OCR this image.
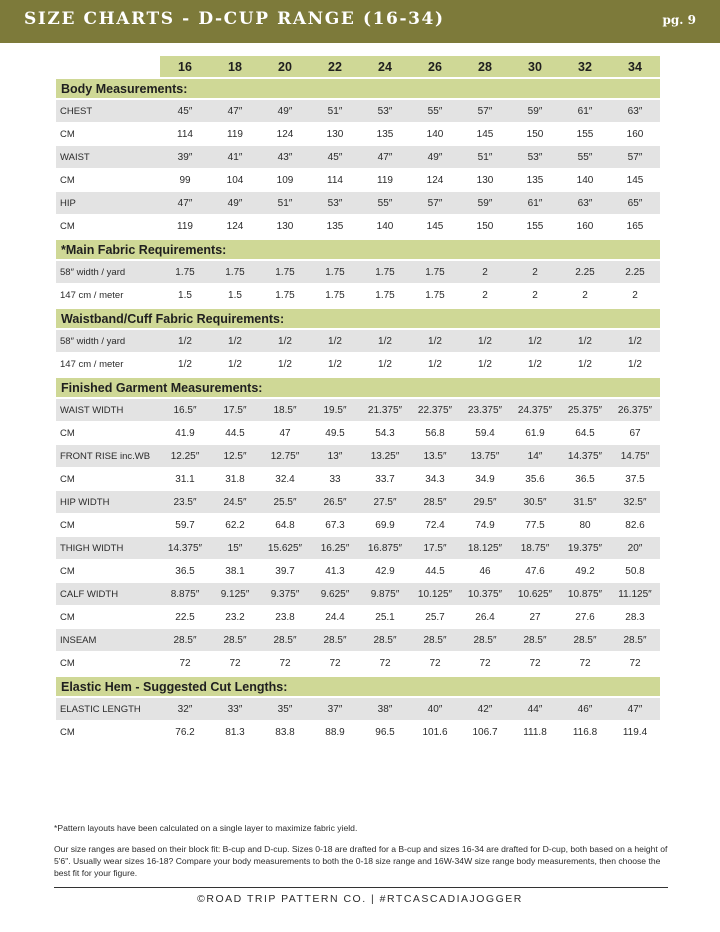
SIZE CHARTS - D-CUP RANGE (16-34)	pg. 9
	16	18	20	22	24	26	28	30	32	34
Body Measurements:										
CHEST	45″	47″	49″	51″	53″	55″	57″	59″	61″	63″
CM	114	119	124	130	135	140	145	150	155	160
WAIST	39″	41″	43″	45″	47″	49″	51″	53″	55″	57″
CM	99	104	109	114	119	124	130	135	140	145
HIP	47″	49″	51″	53″	55″	57″	59″	61″	63″	65″
CM	119	124	130	135	140	145	150	155	160	165
*Main Fabric Requirements:										
58″ width / yard	1.75	1.75	1.75	1.75	1.75	1.75	2	2	2.25	2.25
147 cm / meter	1.5	1.5	1.75	1.75	1.75	1.75	2	2	2	2
Waistband/Cuff Fabric Requirements:										
58″ width / yard	1/2	1/2	1/2	1/2	1/2	1/2	1/2	1/2	1/2	1/2
147 cm / meter	1/2	1/2	1/2	1/2	1/2	1/2	1/2	1/2	1/2	1/2
Finished Garment Measurements:										
WAIST WIDTH	16.5″	17.5″	18.5″	19.5″	21.375″	22.375″	23.375″	24.375″	25.375″	26.375″
CM	41.9	44.5	47	49.5	54.3	56.8	59.4	61.9	64.5	67
FRONT RISE inc.WB	12.25″	12.5″	12.75″	13″	13.25″	13.5″	13.75″	14″	14.375″	14.75″
CM	31.1	31.8	32.4	33	33.7	34.3	34.9	35.6	36.5	37.5
HIP WIDTH	23.5″	24.5″	25.5″	26.5″	27.5″	28.5″	29.5″	30.5″	31.5″	32.5″
CM	59.7	62.2	64.8	67.3	69.9	72.4	74.9	77.5	80	82.6
THIGH WIDTH	14.375″	15″	15.625″	16.25″	16.875″	17.5″	18.125″	18.75″	19.375″	20″
CM	36.5	38.1	39.7	41.3	42.9	44.5	46	47.6	49.2	50.8
CALF WIDTH	8.875″	9.125″	9.375″	9.625″	9.875″	10.125″	10.375″	10.625″	10.875″	11.125″
CM	22.5	23.2	23.8	24.4	25.1	25.7	26.4	27	27.6	28.3
INSEAM	28.5″	28.5″	28.5″	28.5″	28.5″	28.5″	28.5″	28.5″	28.5″	28.5″
CM	72	72	72	72	72	72	72	72	72	72
Elastic Hem - Suggested Cut Lengths:										
ELASTIC LENGTH	32″	33″	35″	37″	38″	40″	42″	44″	46″	47″
CM	76.2	81.3	83.8	88.9	96.5	101.6	106.7	111.8	116.8	119.4
*Pattern layouts have been calculated on a single layer to maximize fabric yield.
Our size ranges are based on their block fit: B-cup and D-cup. Sizes 0-18 are drafted for a B-cup and sizes 16-34 are drafted for D-cup, both based on a height of 5'6". Usually wear sizes 16-18? Compare your body measurements to both the 0-18 size range and 16W-34W size range body measurements, then choose the best fit for your figure.
©ROAD TRIP PATTERN CO. | #RTCASCADIAJOGGER
